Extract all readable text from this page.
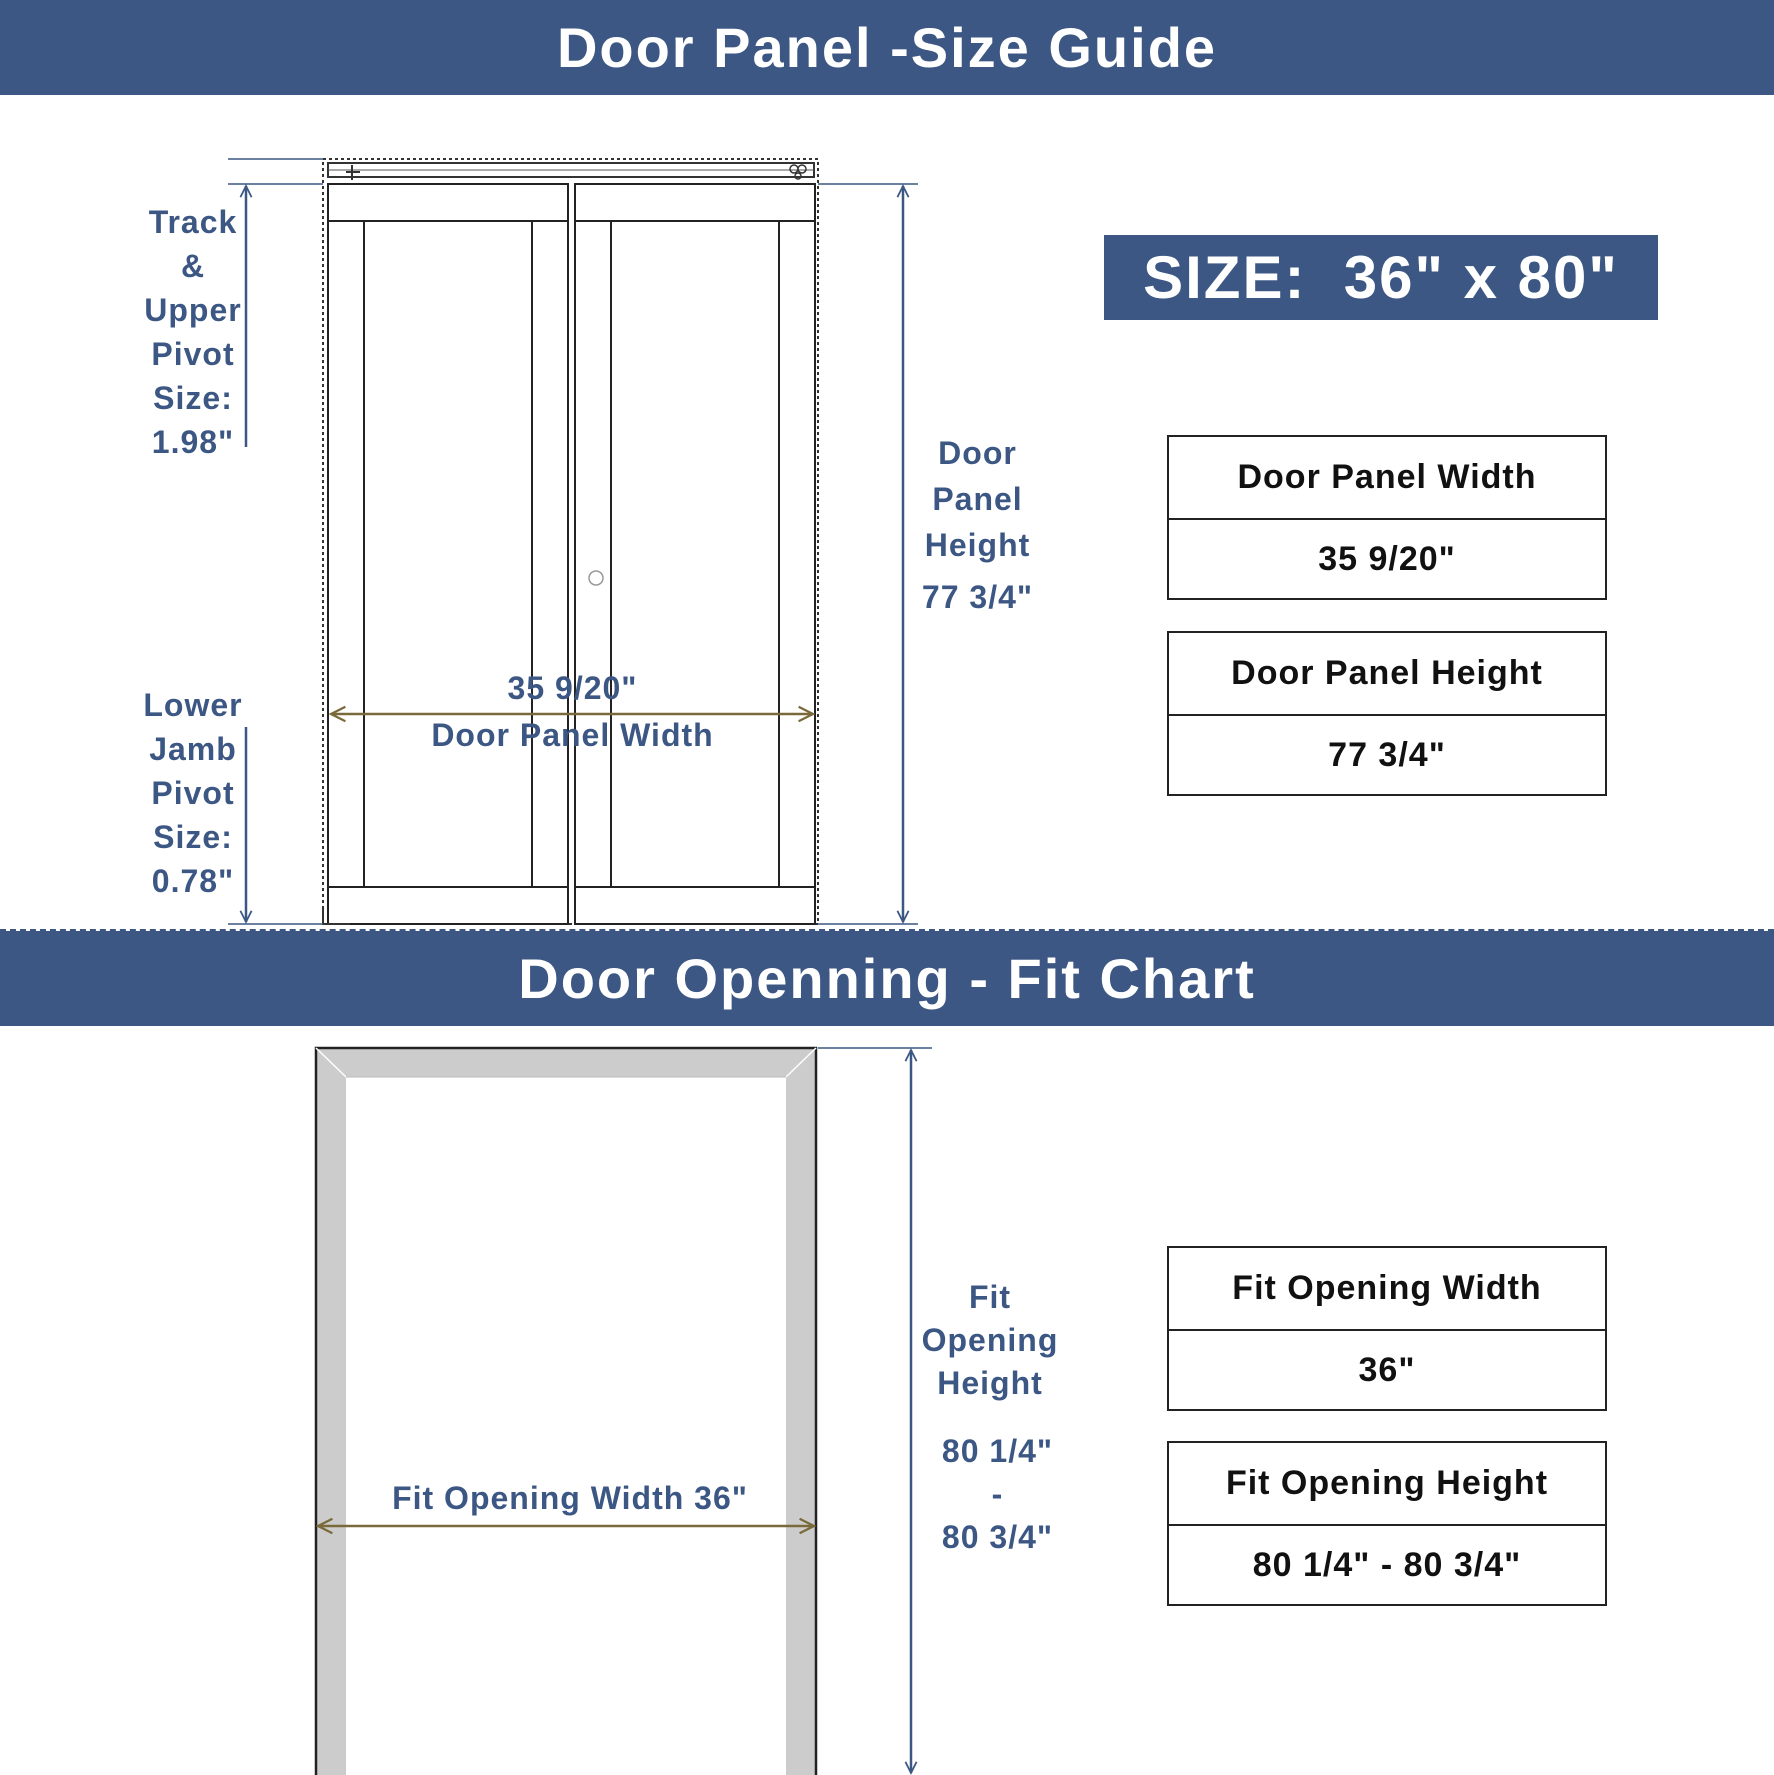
Door Panel -Size Guide
Door Openning - Fit Chart
SIZE:  36" x 80"
Track
&
Upper
Pivot
Size:
1.98"
Lower
Jamb
Pivot
Size:
0.78"
Door
Panel
Height
77 3/4"
35 9/20"
Door Panel Width
Door Panel Width
35 9/20"
Door Panel Height
77 3/4"
Fit Opening Width 36"
Fit
Opening
Height
80 1/4"
-
80 3/4"
Fit Opening Width
36"
Fit Opening Height
80 1/4" - 80 3/4"
